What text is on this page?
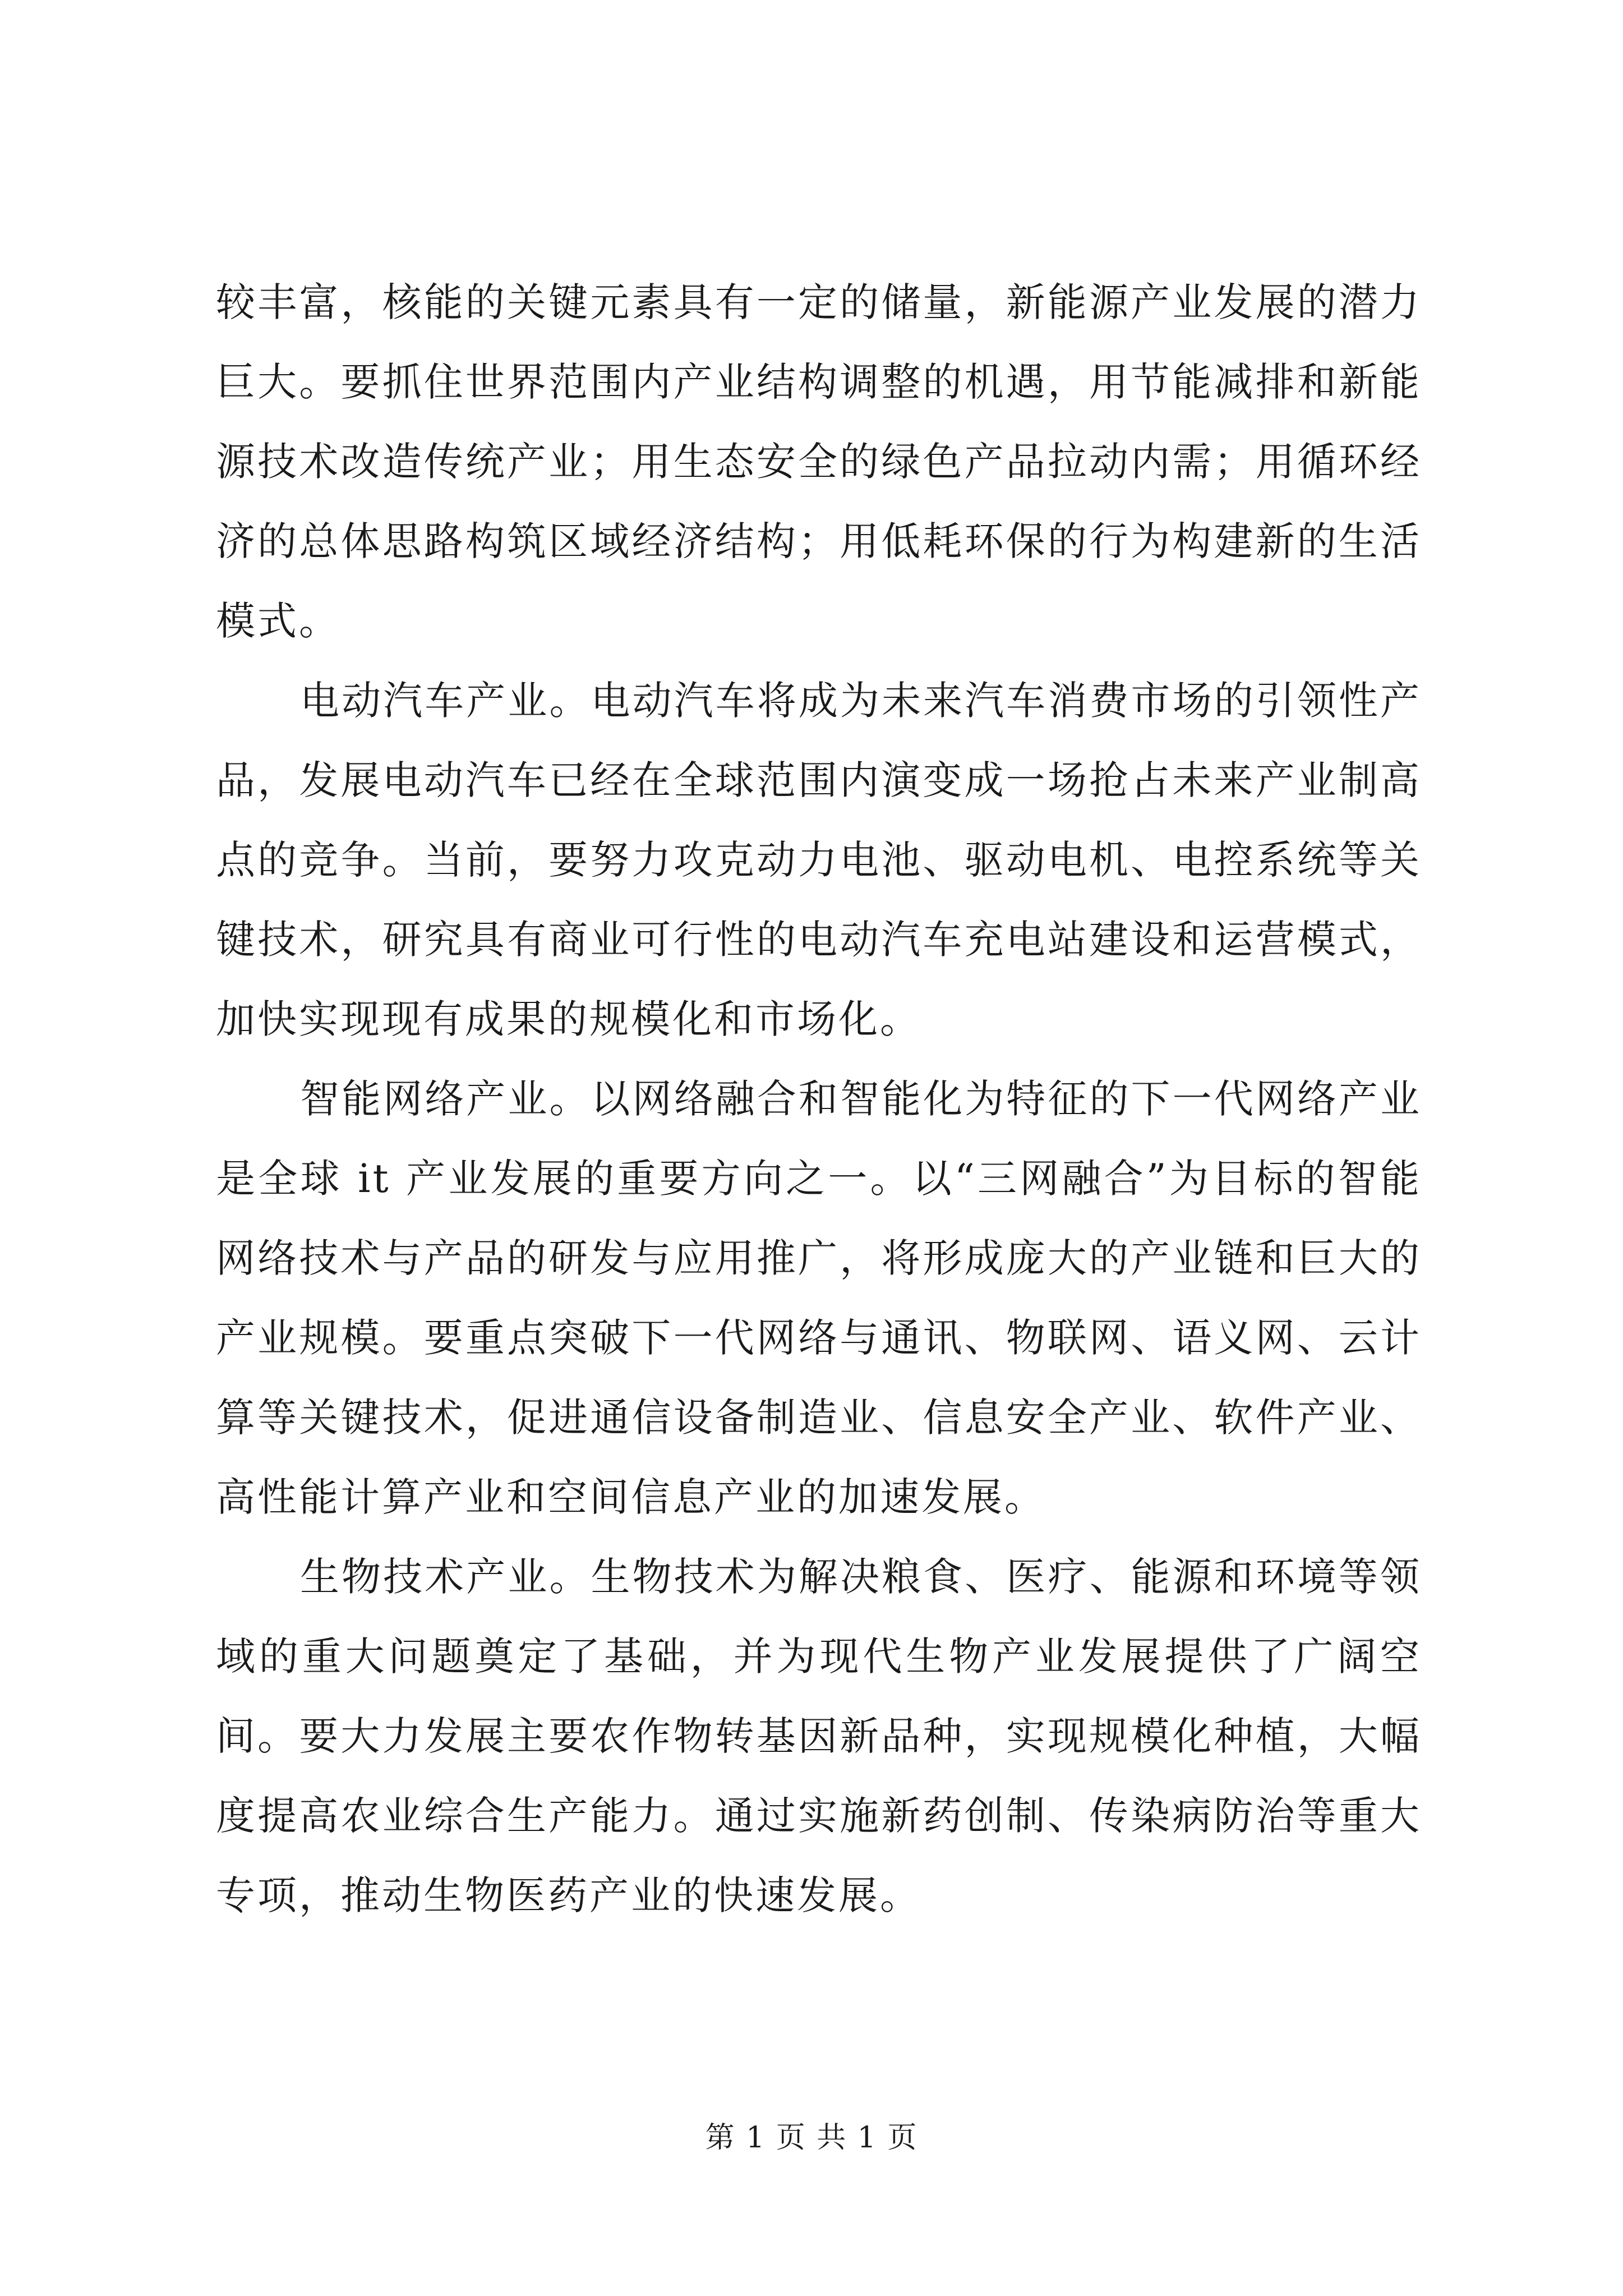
较丰富，核能的关键元素具有一定的储量，新能源产业发展的潜力巨大。要抓住世界范围内产业结构调整的机遇，用节能减排和新能源技术改造传统产业；用生态安全的绿色产品拉动内需；用循环经济的总体思路构筑区域经济结构；用低耗环保的行为构建新的生活模式。

电动汽车产业。电动汽车将成为未来汽车消费市场的引领性产品，发展电动汽车已经在全球范围内演变成一场抢占未来产业制高点的竞争。当前，要努力攻克动力电池、驱动电机、电控系统等关键技术，研究具有商业可行性的电动汽车充电站建设和运营模式，加快实现现有成果的规模化和市场化。

智能网络产业。以网络融合和智能化为特征的下一代网络产业是全球 it 产业发展的重要方向之一。以“三网融合”为目标的智能网络技术与产品的研发与应用推广，将形成庞大的产业链和巨大的产业规模。要重点突破下一代网络与通讯、物联网、语义网、云计算等关键技术，促进通信设备制造业、信息安全产业、软件产业、高性能计算产业和空间信息产业的加速发展。

生物技术产业。生物技术为解决粮食、医疗、能源和环境等领域的重大问题奠定了基础，并为现代生物产业发展提供了广阔空间。要大力发展主要农作物转基因新品种，实现规模化种植，大幅度提高农业综合生产能力。通过实施新药创制、传染病防治等重大专项，推动生物医药产业的快速发展。

第 1 页 共 1 页
